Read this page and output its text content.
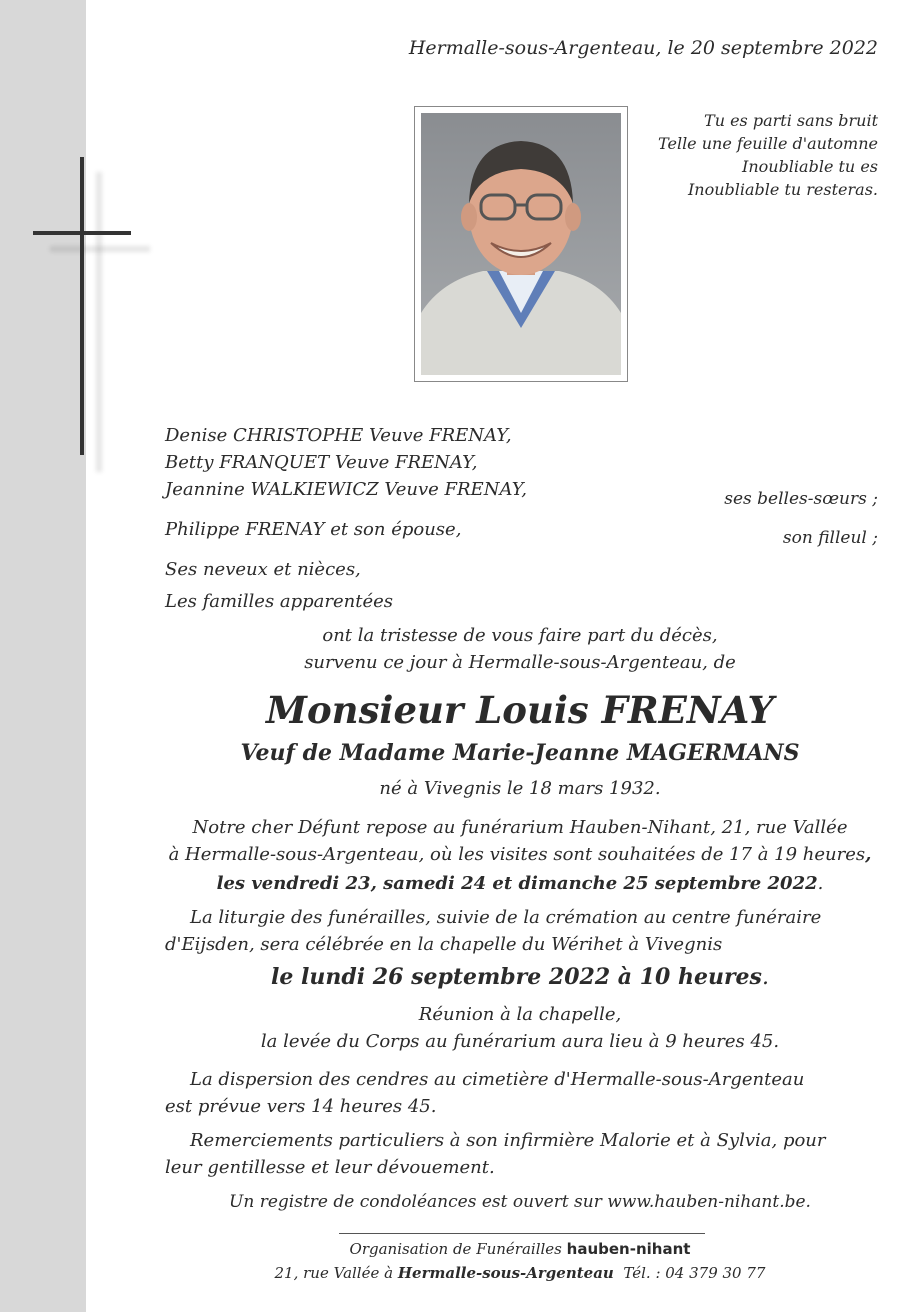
Hermalle-sous-Argenteau, le 20 septembre 2022
Tu es parti sans bruit
Telle une feuille d'automne
Inoubliable tu es
Inoubliable tu resteras.
Denise CHRISTOPHE Veuve FRENAY,
Betty FRANQUET Veuve FRENAY,
Jeannine WALKIEWICZ Veuve FRENAY,	ses belles-sœurs ;
Philippe FRENAY et son épouse,	son filleul ;
Ses neveux et nièces,
Les familles apparentées
ont la tristesse de vous faire part du décès,
survenu ce jour à Hermalle-sous-Argenteau, de
Monsieur Louis FRENAY
Veuf de Madame Marie-Jeanne MAGERMANS
né à Vivegnis le 18 mars 1932.
Notre cher Défunt repose au funérarium Hauben-Nihant, 21, rue Vallée
à Hermalle-sous-Argenteau, où les visites sont souhaitées de 17 à 19 heures,
les vendredi 23, samedi 24 et dimanche 25 septembre 2022.
La liturgie des funérailles, suivie de la crémation au centre funéraire
d'Eijsden, sera célébrée en la chapelle du Wérihet à Vivegnis
le lundi 26 septembre 2022 à 10 heures.
Réunion à la chapelle,
la levée du Corps au funérarium aura lieu à 9 heures 45.
La dispersion des cendres au cimetière d'Hermalle-sous-Argenteau
est prévue vers 14 heures 45.
Remerciements particuliers à son infirmière Malorie et à Sylvia, pour
leur gentillesse et leur dévouement.
Un registre de condoléances est ouvert sur www.hauben-nihant.be.
Organisation de Funérailles hauben-nihant
21, rue Vallée à Hermalle-sous-Argenteau Tél. : 04 379 30 77
